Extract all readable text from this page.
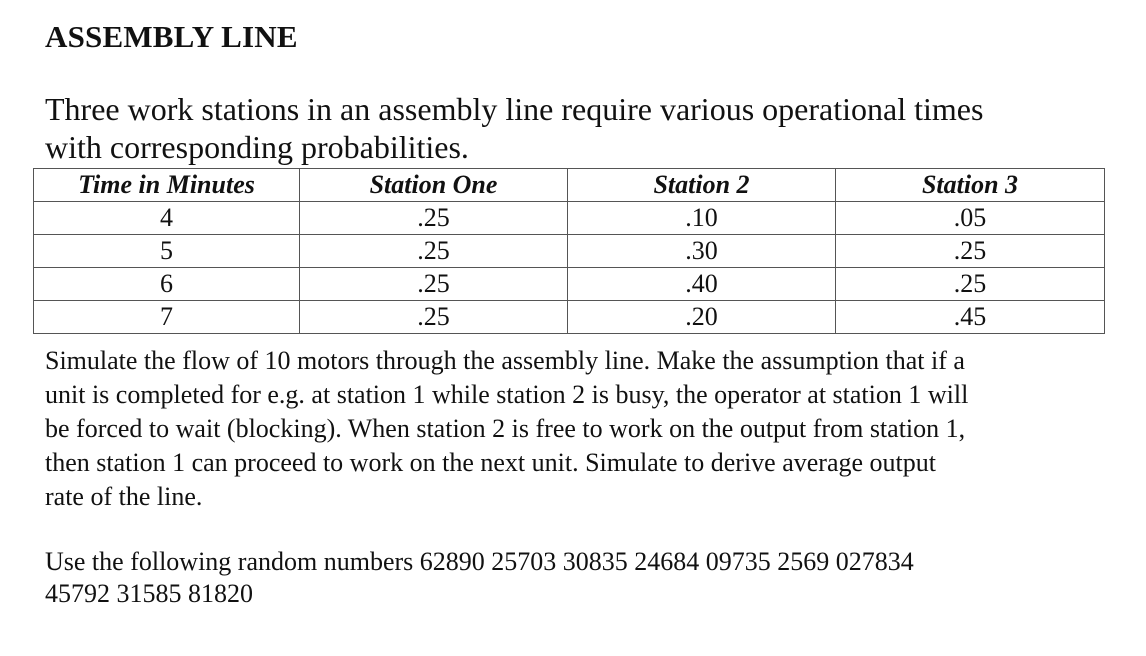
ASSEMBLY LINE
Three work stations in an assembly line require various operational times
with corresponding probabilities.
Time in Minutes	Station One	Station 2	Station 3
4	.25	.10	.05
5	.25	.30	.25
6	.25	.40	.25
7	.25	.20	.45
Simulate the flow of 10 motors through the assembly line. Make the assumption that if a
unit is completed for e.g. at station 1 while station 2 is busy, the operator at station 1 will
be forced to wait (blocking). When station 2 is free to work on the output from station 1,
then station 1 can proceed to work on the next unit. Simulate to derive average output
rate of the line.
Use the following random numbers 62890 25703 30835 24684 09735 2569 027834
45792 31585 81820
